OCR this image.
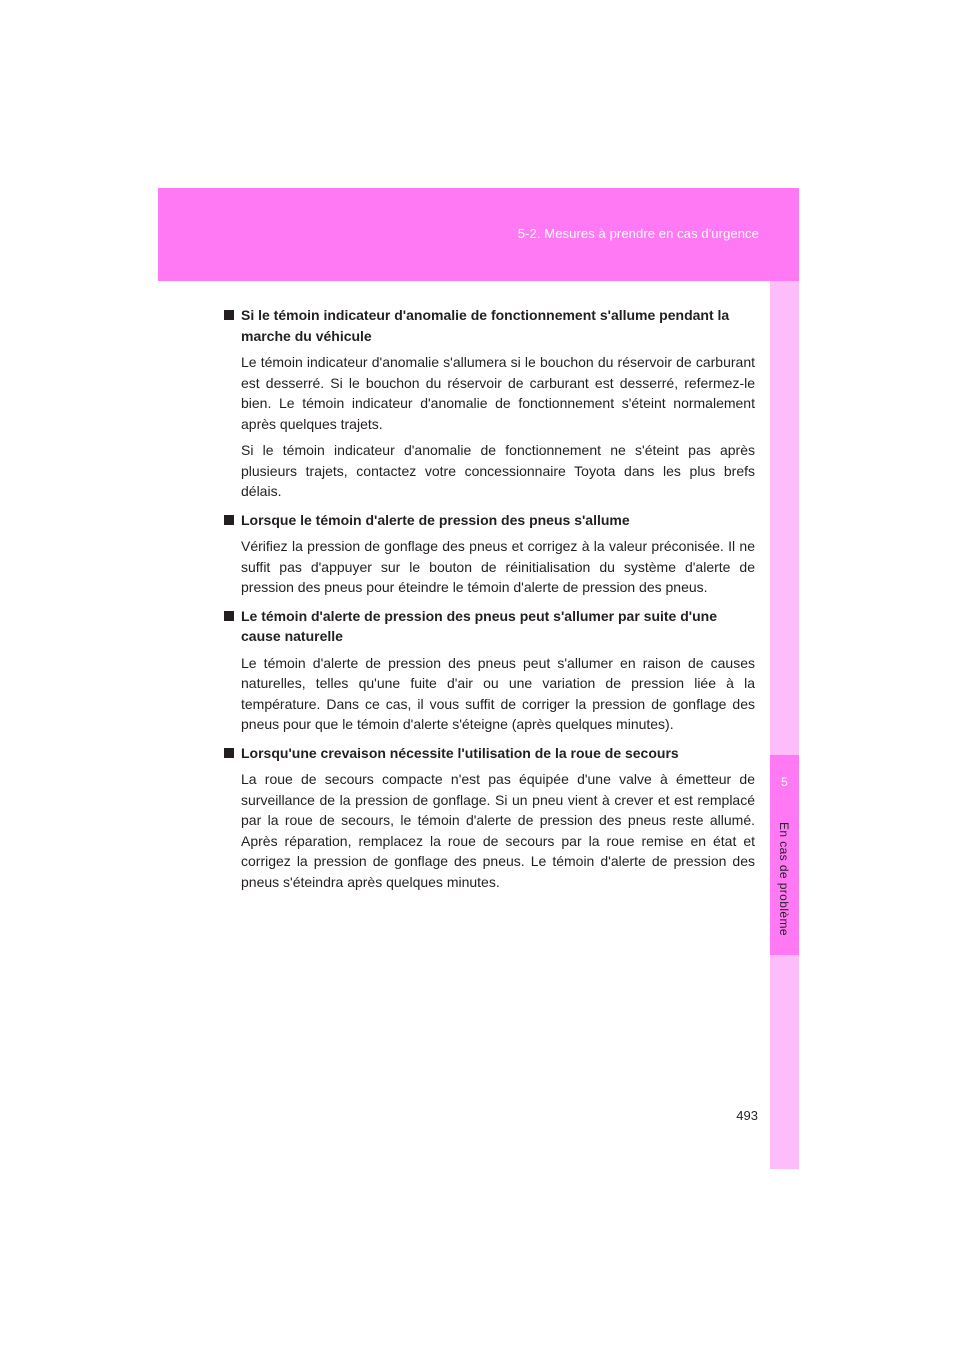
5-2. Mesures à prendre en cas d'urgence
5
En cas de problème
Si le témoin indicateur d'anomalie de fonctionnement s'allume pendant la marche du véhicule

Le témoin indicateur d'anomalie s'allumera si le bouchon du réservoir de carburant est desserré. Si le bouchon du réservoir de carburant est desserré, refermez-le bien. Le témoin indicateur d'anomalie de fonctionnement s'éteint normalement après quelques trajets.

Si le témoin indicateur d'anomalie de fonctionnement ne s'éteint pas après plusieurs trajets, contactez votre concessionnaire Toyota dans les plus brefs délais.

Lorsque le témoin d'alerte de pression des pneus s'allume

Vérifiez la pression de gonflage des pneus et corrigez à la valeur préconisée. Il ne suffit pas d'appuyer sur le bouton de réinitialisation du système d'alerte de pression des pneus pour éteindre le témoin d'alerte de pression des pneus.

Le témoin d'alerte de pression des pneus peut s'allumer par suite d'une cause naturelle

Le témoin d'alerte de pression des pneus peut s'allumer en raison de causes naturelles, telles qu'une fuite d'air ou une variation de pression liée à la température. Dans ce cas, il vous suffit de corriger la pression de gonflage des pneus pour que le témoin d'alerte s'éteigne (après quelques minutes).

Lorsqu'une crevaison nécessite l'utilisation de la roue de secours

La roue de secours compacte n'est pas équipée d'une valve à émetteur de surveillance de la pression de gonflage. Si un pneu vient à crever et est remplacé par la roue de secours, le témoin d'alerte de pression des pneus reste allumé. Après réparation, remplacez la roue de secours par la roue remise en état et corrigez la pression de gonflage des pneus. Le témoin d'alerte de pression des pneus s'éteindra après quelques minutes.

493
